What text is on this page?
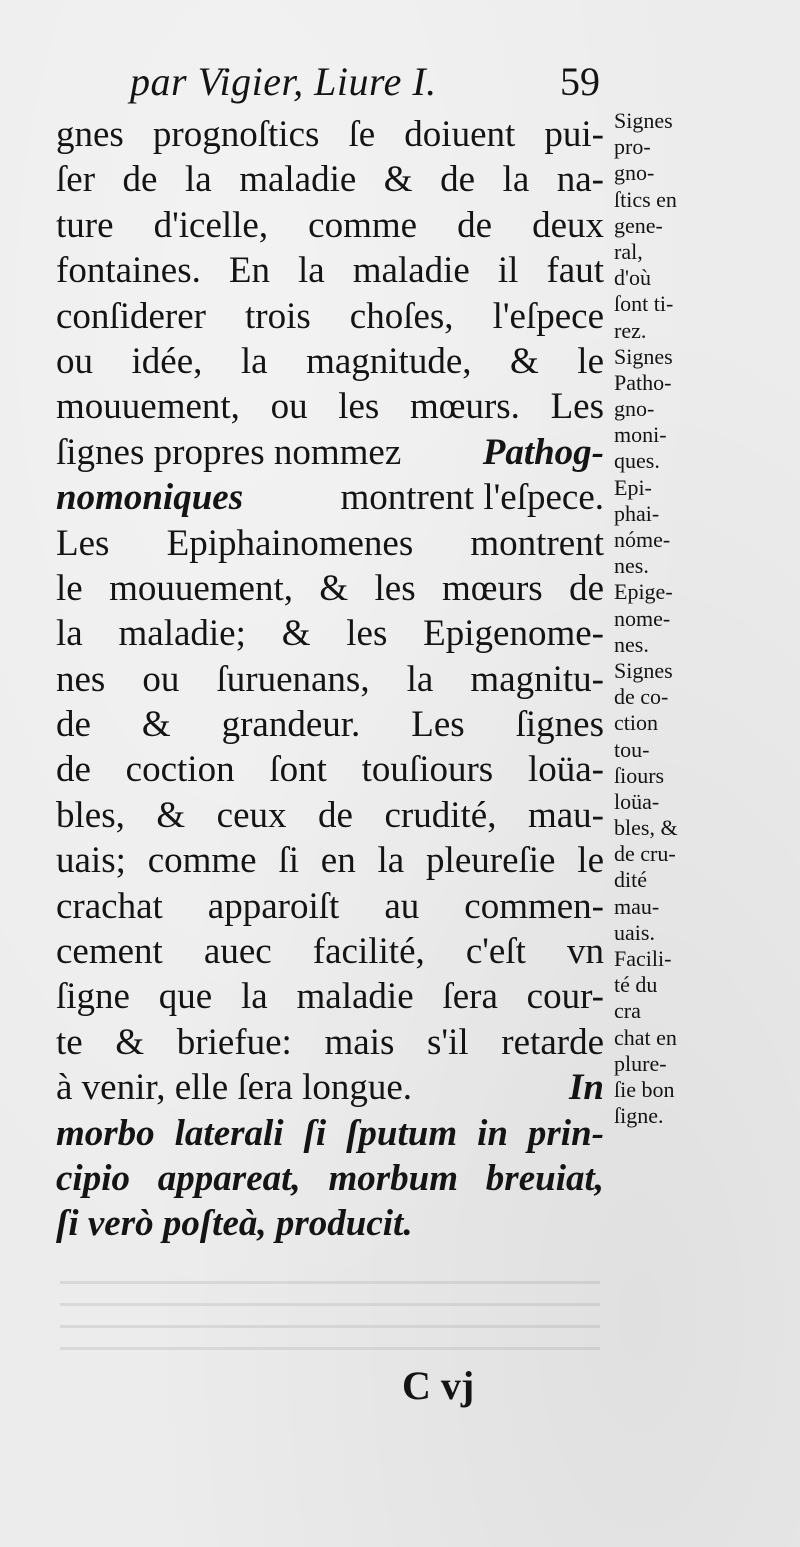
par Vigier, Liure I.	59
gnes prognoſtics ſe doiuent pui-
ſer de la maladie & de la na-
ture d'icelle, comme de deux
fontaines. En la maladie il faut
conſiderer trois choſes, l'eſpece
ou idée, la magnitude, & le
mouuement, ou les mœurs. Les
ſignes propres nommez Pathog-
nomoniques	montrent l'eſpece.
Les Epiphainomenes montrent
le mouuement, & les mœurs de
la maladie; & les Epigenome-
nes ou ſuruenans, la magnitu-
de & grandeur. Les ſignes
de coction ſont touſiours loüa-
bles, & ceux de crudité, mau-
uais; comme ſi en la pleureſie le
crachat apparoiſt au commen-
cement auec facilité, c'eſt vn
ſigne que la maladie ſera cour-
te & briefue: mais s'il retarde
à venir, elle ſera longue.	In
morbo laterali ſi ſputum in prin-
cipio appareat, morbum breuiat,
ſi verò poſteà, producit.
Signes
pro-
gno-
ſtics en
gene-
ral,
d'où
ſont ti-
rez.
Signes
Patho-
gno-
moni-
ques.
Epi-
phai-
nóme-
nes.
Epige-
nome-
nes.
Signes
de co-
ction
tou-
ſiours
loüa-
bles, &
de cru-
dité
mau-
uais.
Facili-
té du
cra
chat en
plure-
ſie bon
ſigne.
C vj
